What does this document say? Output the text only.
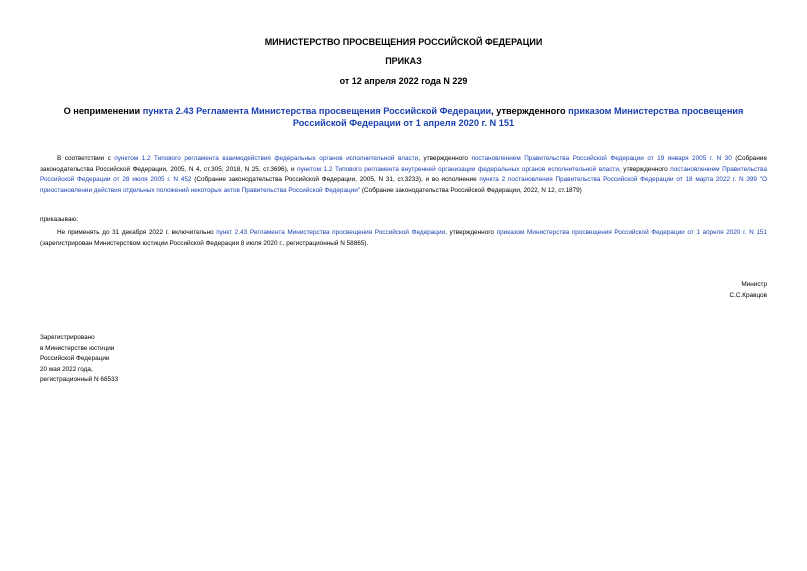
МИНИСТЕРСТВО ПРОСВЕЩЕНИЯ РОССИЙСКОЙ ФЕДЕРАЦИИ
ПРИКАЗ
от 12 апреля 2022 года N 229
О неприменении пункта 2.43 Регламента Министерства просвещения Российской Федерации, утвержденного приказом Министерства просвещения Российской Федерации от 1 апреля 2020 г. N 151
В соответствии с пунктом 1.2 Типового регламента взаимодействия федеральных органов исполнительной власти, утвержденного постановлением Правительства Российской Федерации от 19 января 2005 г. N 30 (Собрание законодательства Российской Федерации, 2005, N 4, ст.305; 2018, N 25, ст.3696), и пунктом 1.2 Типового регламента внутренней организации федеральных органов исполнительной власти, утвержденного постановлением Правительства Российской Федерации от 28 июля 2005 г. N 452 (Собрание законодательства Российской Федерации, 2005, N 31, ст.3233), и во исполнение пункта 2 постановления Правительства Российской Федерации от 18 марта 2022 г. N 399 "О приостановлении действия отдельных положений некоторых актов Правительства Российской Федерации" (Собрание законодательства Российской Федерации, 2022, N 12, ст.1879)
приказываю:
Не применять до 31 декабря 2022 г. включительно пункт 2.43 Регламента Министерства просвещения Российской Федерации, утвержденного приказом Министерства просвещения Российской Федерации от 1 апреля 2020 г. N 151 (зарегистрирован Министерством юстиции Российской Федерации 8 июля 2020 г., регистрационный N 58865).
Министр
С.С.Кравцов
Зарегистрировано
в Министерстве юстиции
Российской Федерации
20 мая 2022 года,
регистрационный N 68533
